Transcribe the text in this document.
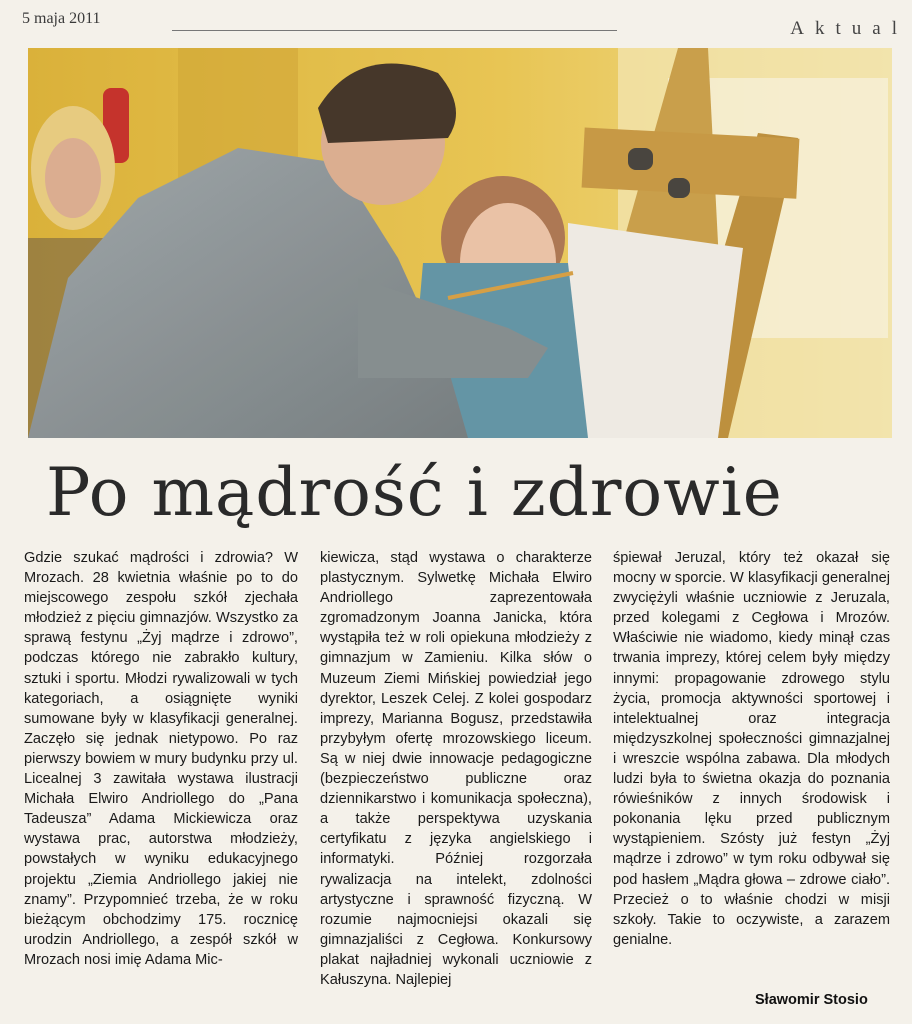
5 maja 2011	Aktual
Po mądrość i zdrowie
Gdzie szukać mądrości i zdrowia? W Mrozach. 28 kwietnia właśnie po to do miejscowego zespołu szkół zjechała młodzież z pięciu gimnazjów. Wszystko za sprawą festynu „Żyj mądrze i zdrowo”, podczas którego nie zabrakło kultury, sztuki i sportu. Młodzi rywalizowali w tych kategoriach, a osiągnięte wyniki sumowane były w klasyfikacji generalnej. Zaczęło się jednak nietypowo. Po raz pierwszy bowiem w mury budynku przy ul. Licealnej 3 zawitała wystawa ilustracji Michała Elwiro Andriollego do „Pana Tadeusza” Adama Mickiewicza oraz wystawa prac, autorstwa młodzieży, powstałych w wyniku edukacyjnego projektu „Ziemia Andriollego jakiej nie znamy”. Przypomnieć trzeba, że w roku bieżącym obchodzimy 175. rocznicę urodzin Andriollego, a zespół szkół w Mrozach nosi imię Adama Mic-
kiewicza, stąd wystawa o charakterze plastycznym. Sylwetkę Michała Elwiro Andriollego zaprezentowała zgromadzonym Joanna Janicka, która wystąpiła też w roli opiekuna młodzieży z gimnazjum w Zamieniu. Kilka słów o Muzeum Ziemi Mińskiej powiedział jego dyrektor, Leszek Celej. Z kolei gospodarz imprezy, Marianna Bogusz, przedstawiła przybyłym ofertę mrozowskiego liceum. Są w niej dwie innowacje pedagogiczne (bezpieczeństwo publiczne oraz dziennikarstwo i komunikacja społeczna), a także perspektywa uzyskania certyfikatu z języka angielskiego i informatyki. Później rozgorzała rywalizacja na intelekt, zdolności artystyczne i sprawność fizyczną. W rozumie najmocniejsi okazali się gimnazjaliści z Cegłowa. Konkursowy plakat najładniej wykonali uczniowie z Kałuszyna. Najlepiej
śpiewał Jeruzal, który też okazał się mocny w sporcie. W klasyfikacji generalnej zwyciężyli właśnie uczniowie z Jeruzala, przed kolegami z Cegłowa i Mrozów. Właściwie nie wiadomo, kiedy minął czas trwania imprezy, której celem były między innymi: propagowanie zdrowego stylu życia, promocja aktywności sportowej i intelektualnej oraz integracja międzyszkolnej społeczności gimnazjalnej i wreszcie wspólna zabawa. Dla młodych ludzi była to świetna okazja do poznania rówieśników z innych środowisk i pokonania lęku przed publicznym wystąpieniem. Szósty już festyn „Żyj mądrze i zdrowo” w tym roku odbywał się pod hasłem „Mądra głowa – zdrowe ciało”. Przecież o to właśnie chodzi w misji szkoły. Takie to oczywiste, a zarazem genialne.
Sławomir Stosio
